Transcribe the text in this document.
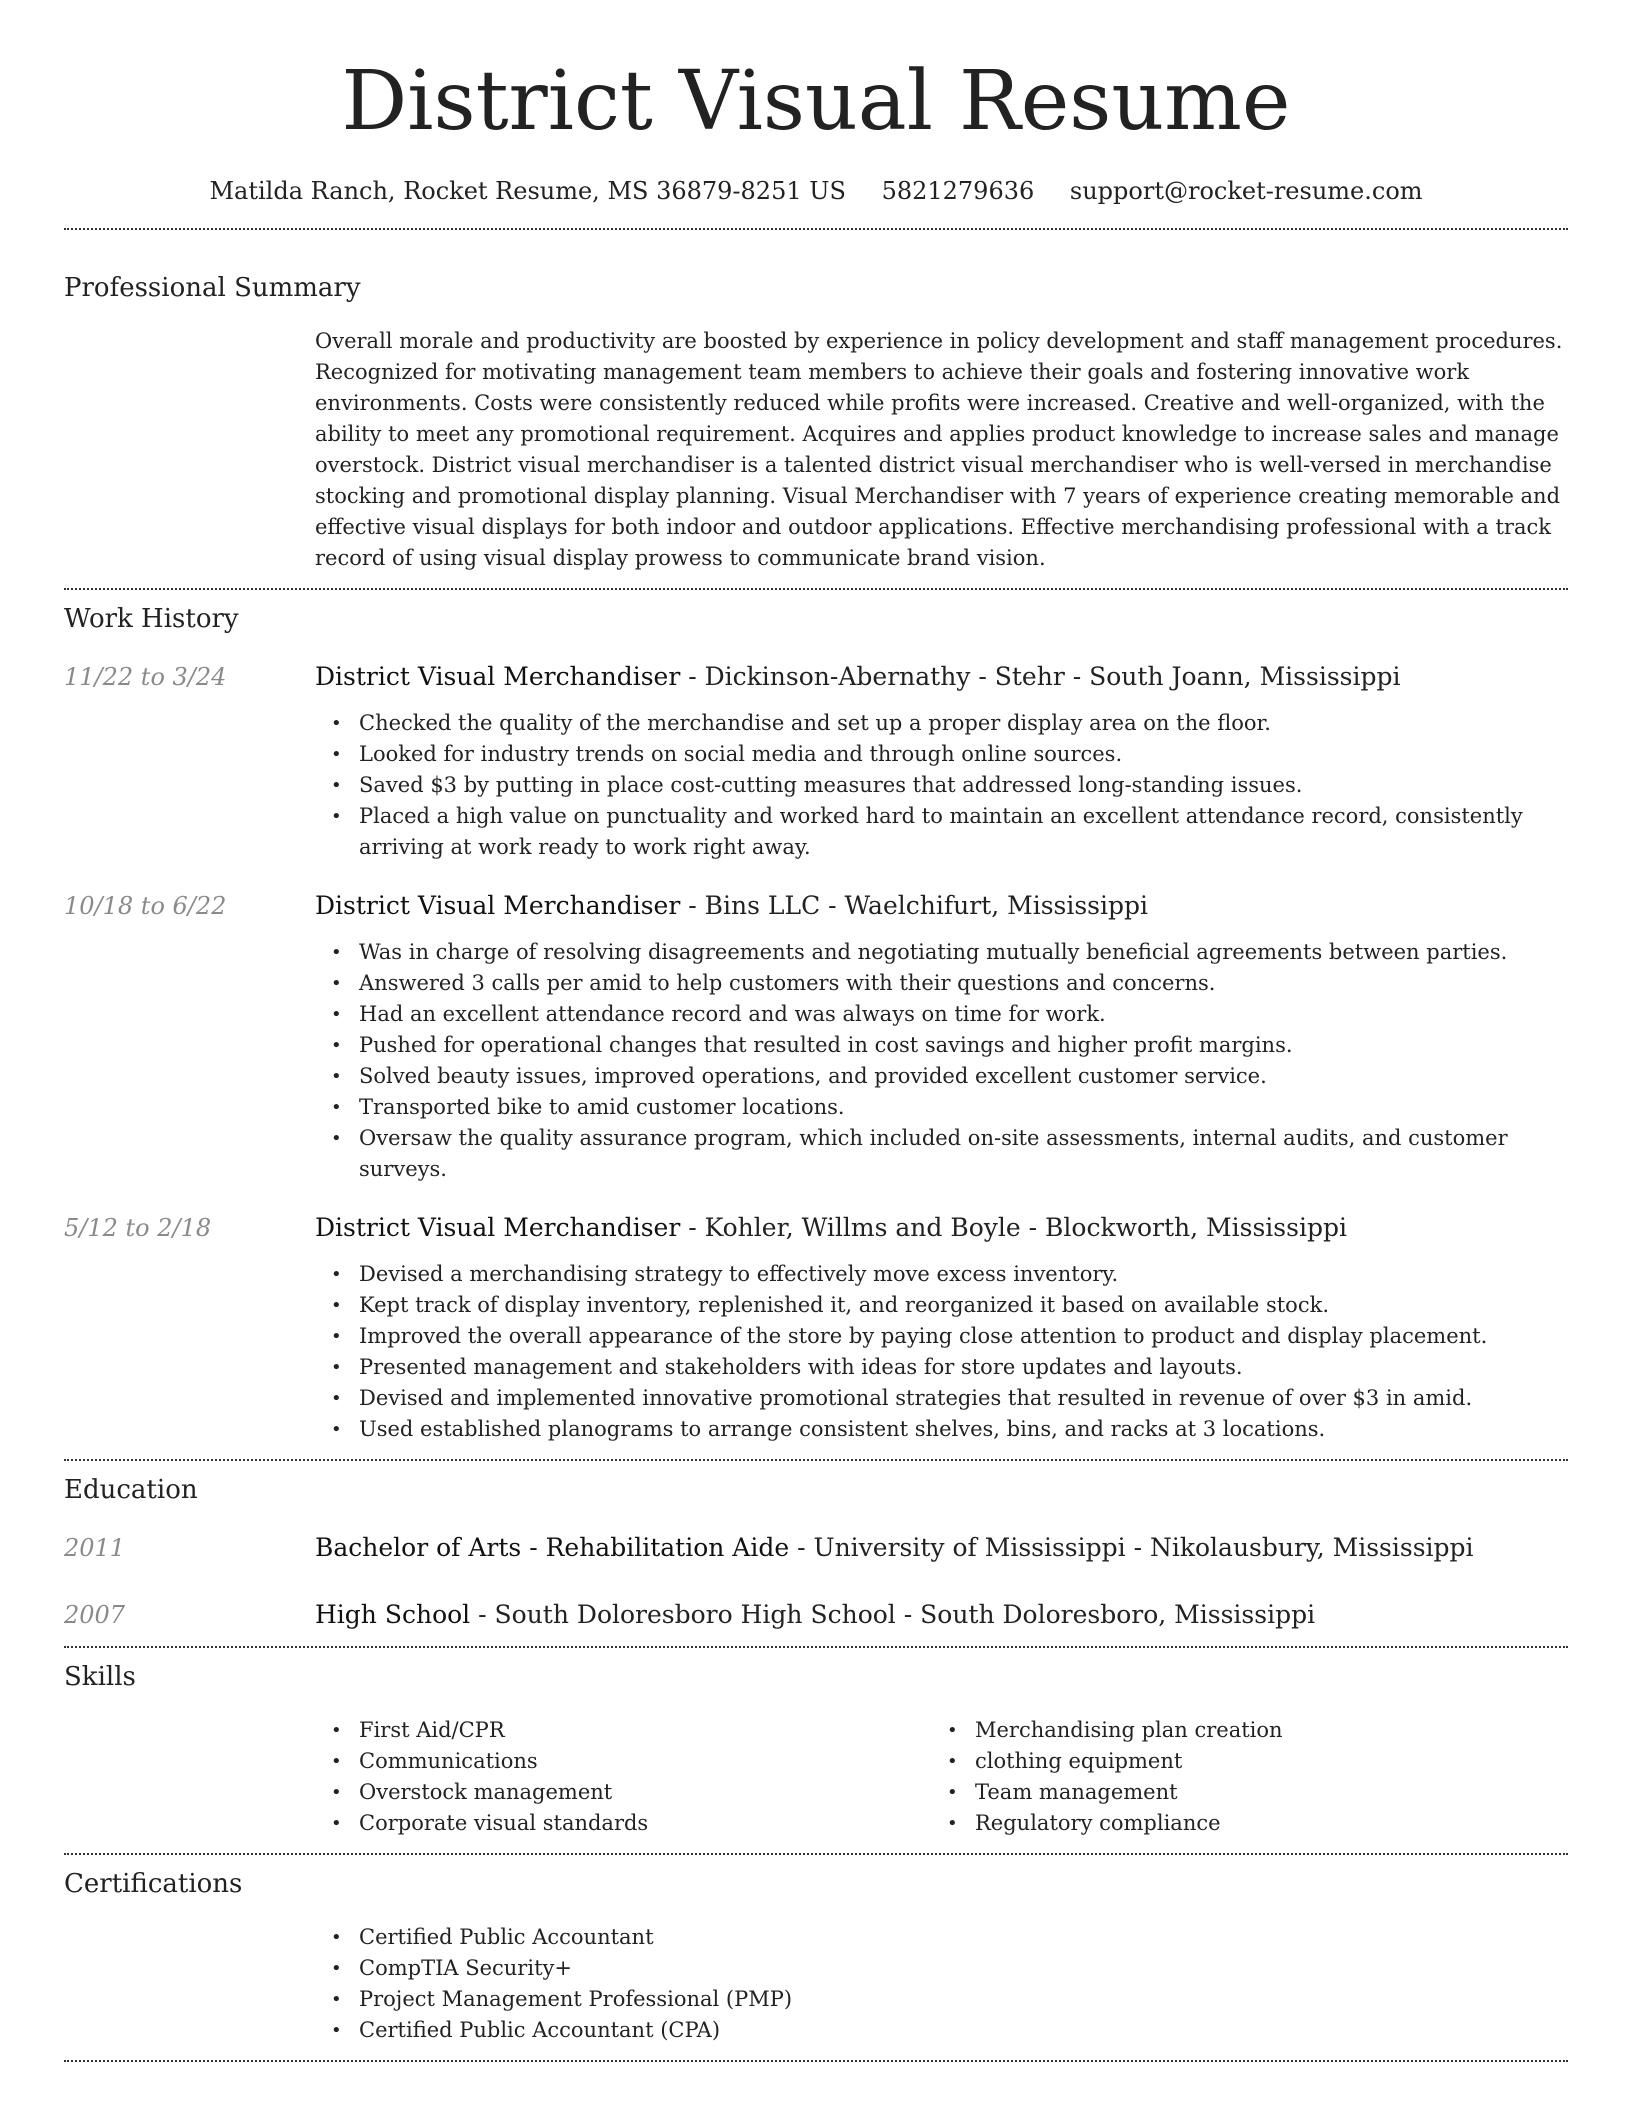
District Visual Resume
Matilda Ranch, Rocket Resume, MS 36879-8251 US 5821279636 support@rocket-resume.com
Professional Summary
Overall morale and productivity are boosted by experience in policy development and staff management procedures. Recognized for motivating management team members to achieve their goals and fostering innovative work environments. Costs were consistently reduced while profits were increased. Creative and well-organized, with the ability to meet any promotional requirement. Acquires and applies product knowledge to increase sales and manage overstock. District visual merchandiser is a talented district visual merchandiser who is well-versed in merchandise stocking and promotional display planning. Visual Merchandiser with 7 years of experience creating memorable and effective visual displays for both indoor and outdoor applications. Effective merchandising professional with a track record of using visual display prowess to communicate brand vision.
Work History
11/22 to 3/24	District Visual Merchandiser - Dickinson-Abernathy - Stehr - South Joann, Mississippi
• Checked the quality of the merchandise and set up a proper display area on the floor.
• Looked for industry trends on social media and through online sources.
• Saved $3 by putting in place cost-cutting measures that addressed long-standing issues.
• Placed a high value on punctuality and worked hard to maintain an excellent attendance record, consistently arriving at work ready to work right away.
10/18 to 6/22	District Visual Merchandiser - Bins LLC - Waelchifurt, Mississippi
• Was in charge of resolving disagreements and negotiating mutually beneficial agreements between parties.
• Answered 3 calls per amid to help customers with their questions and concerns.
• Had an excellent attendance record and was always on time for work.
• Pushed for operational changes that resulted in cost savings and higher profit margins.
• Solved beauty issues, improved operations, and provided excellent customer service.
• Transported bike to amid customer locations.
• Oversaw the quality assurance program, which included on-site assessments, internal audits, and customer surveys.
5/12 to 2/18	District Visual Merchandiser - Kohler, Willms and Boyle - Blockworth, Mississippi
• Devised a merchandising strategy to effectively move excess inventory.
• Kept track of display inventory, replenished it, and reorganized it based on available stock.
• Improved the overall appearance of the store by paying close attention to product and display placement.
• Presented management and stakeholders with ideas for store updates and layouts.
• Devised and implemented innovative promotional strategies that resulted in revenue of over $3 in amid.
• Used established planograms to arrange consistent shelves, bins, and racks at 3 locations.
Education
2011	Bachelor of Arts - Rehabilitation Aide - University of Mississippi - Nikolausbury, Mississippi
2007	High School - South Doloresboro High School - South Doloresboro, Mississippi
Skills
• First Aid/CPR
• Communications
• Overstock management
• Corporate visual standards
• Merchandising plan creation
• clothing equipment
• Team management
• Regulatory compliance
Certifications
• Certified Public Accountant
• CompTIA Security+
• Project Management Professional (PMP)
• Certified Public Accountant (CPA)
